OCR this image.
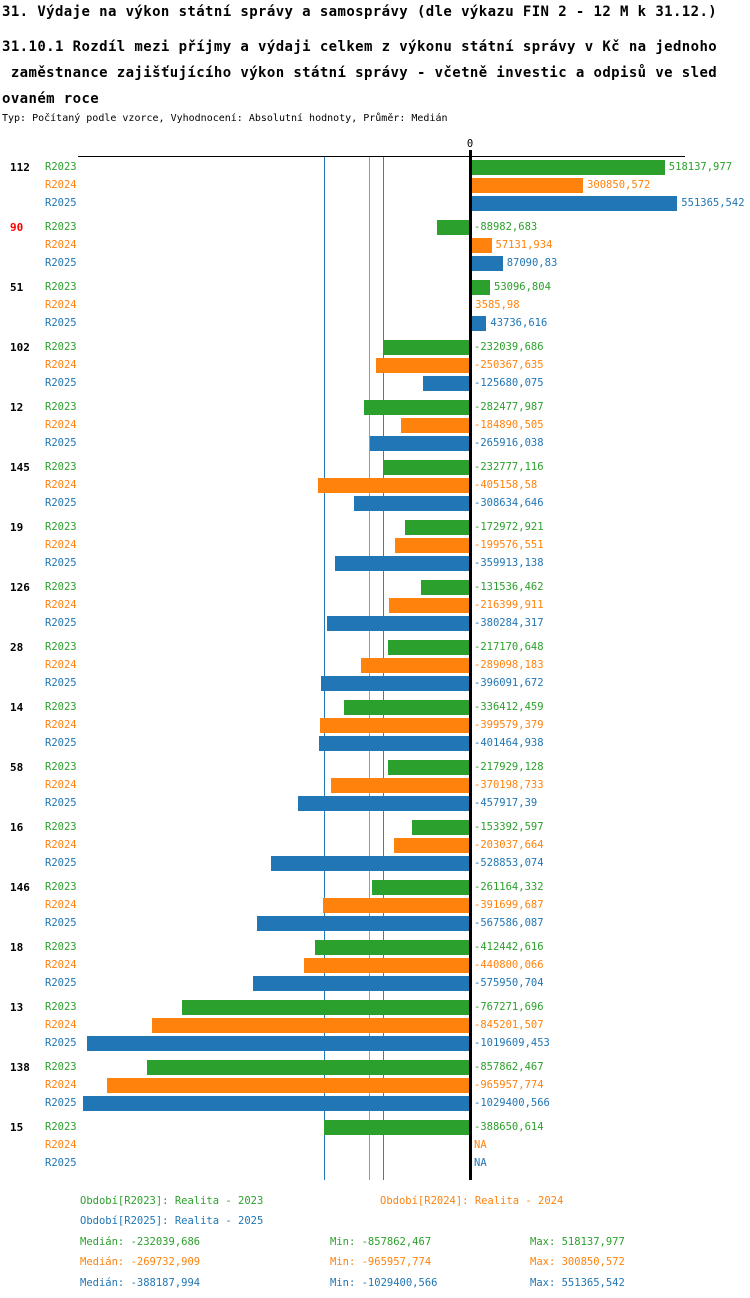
31. Výdaje na výkon státní správy a samosprávy (dle výkazu FIN 2 - 12 M k 31.12.)
31.10.1 Rozdíl mezi příjmy a výdaji celkem z výkonu státní správy v Kč na jednoho
zaměstnance zajišťujícího výkon státní správy - včetně investic a odpisů ve sled
ovaném roce
Typ: Počítaný podle vzorce, Vyhodnocení: Absolutní hodnoty, Průměr: Medián
0
112 R2023	518137,977
R2024	300850,572
R2025	551365,542
90 R2023	-88982,683
R2024	57131,934
R2025	87090,83
51 R2023	53096,804
R2024	3585,98
R2025	43736,616
102 R2023	-232039,686
R2024	-250367,635
R2025	-125680,075
12 R2023	-282477,987
R2024	-184890,505
R2025	-265916,038
145 R2023	-232777,116
R2024	-405158,58
R2025	-308634,646
19 R2023	-172972,921
R2024	-199576,551
R2025	-359913,138
126 R2023	-131536,462
R2024	-216399,911
R2025	-380284,317
28 R2023	-217170,648
R2024	-289098,183
R2025	-396091,672
14 R2023	-336412,459
R2024	-399579,379
R2025	-401464,938
58 R2023	-217929,128
R2024	-370198,733
R2025	-457917,39
16 R2023	-153392,597
R2024	-203037,664
R2025	-528853,074
146 R2023	-261164,332
R2024	-391699,687
R2025	-567586,087
18 R2023	-412442,616
R2024	-440800,066
R2025	-575950,704
13 R2023	-767271,696
R2024	-845201,507
R2025	-1019609,453
138 R2023	-857862,467
R2024	-965957,774
R2025	-1029400,566
15 R2023	-388650,614
R2024	NA
R2025	NA
Období[R2023]: Realita - 2023	Období[R2024]: Realita - 2024
Období[R2025]: Realita - 2025
Medián: -232039,686	Min: -857862,467	Max: 518137,977
Medián: -269732,909	Min: -965957,774	Max: 300850,572
Medián: -388187,994	Min: -1029400,566	Max: 551365,542
